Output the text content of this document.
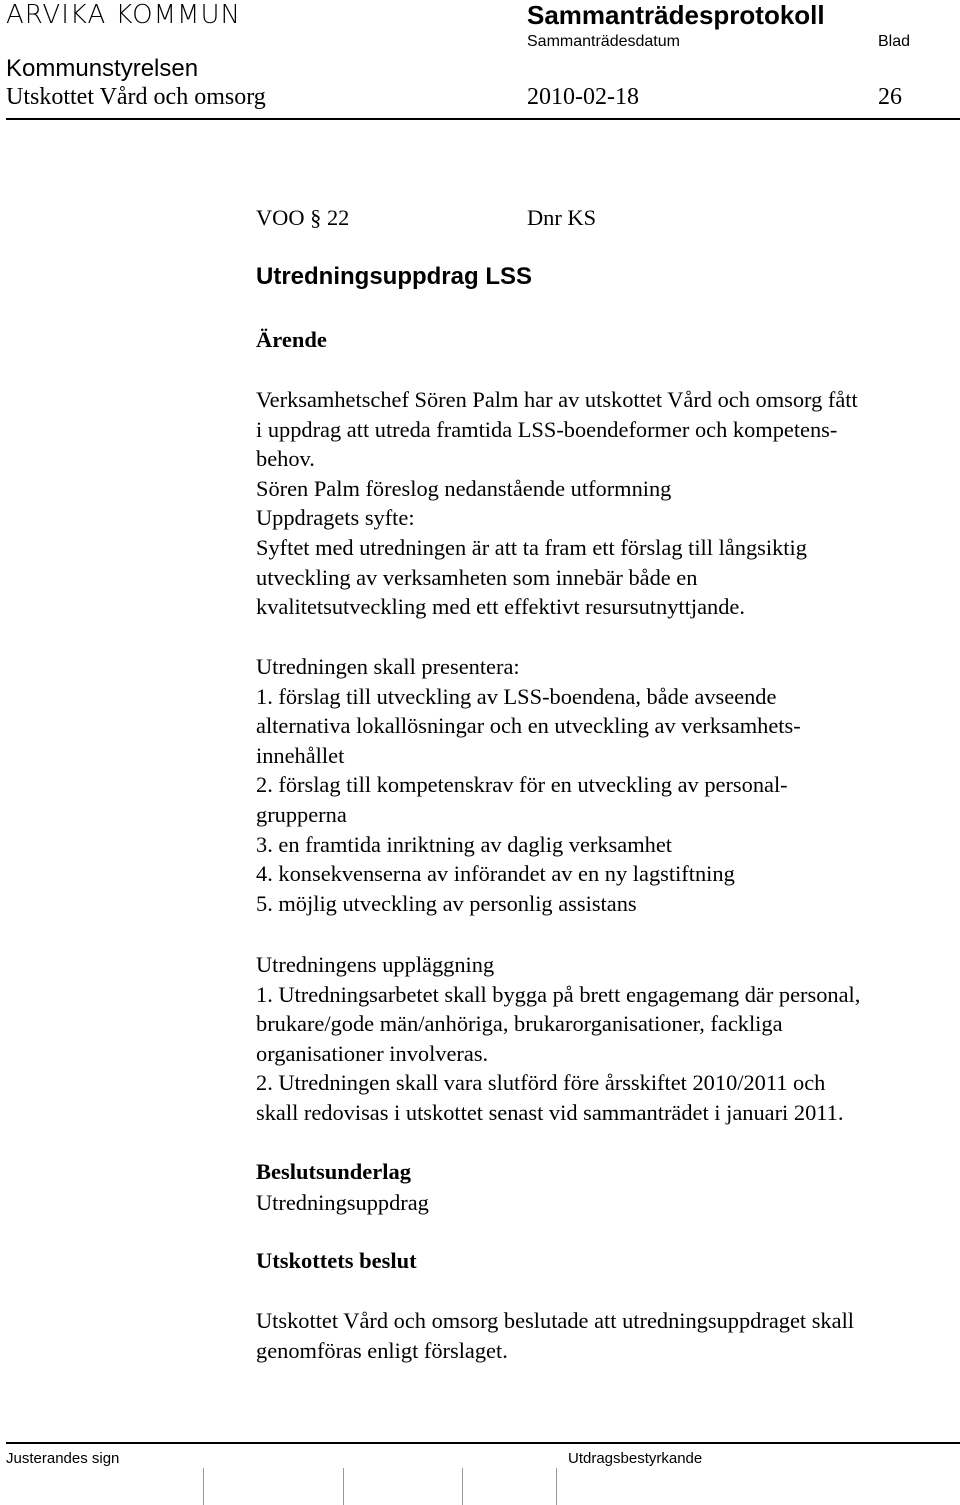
ARVIKA KOMMUN	Sammanträdesprotokoll
Sammanträdesdatum	Blad
Kommunstyrelsen
Utskottet Vård och omsorg	2010-02-18	26
VOO § 22	Dnr KS
Utredningsuppdrag LSS
Ärende
Verksamhetschef Sören Palm har av utskottet Vård och omsorg fått
i uppdrag att utreda framtida LSS-boendeformer och kompetens-
behov.
Sören Palm föreslog nedanstående utformning
Uppdragets syfte:
Syftet med utredningen är att ta fram ett förslag till långsiktig
utveckling av verksamheten som innebär både en
kvalitetsutveckling med ett effektivt resursutnyttjande.
Utredningen skall presentera:
1. förslag till utveckling av LSS-boendena, både avseende
alternativa lokallösningar och en utveckling av verksamhets-
innehållet
2. förslag till kompetenskrav för en utveckling av personal-
grupperna
3. en framtida inriktning av daglig verksamhet
4. konsekvenserna av införandet av en ny lagstiftning
5. möjlig utveckling av personlig assistans
Utredningens uppläggning
1. Utredningsarbetet skall bygga på brett engagemang där personal,
brukare/gode män/anhöriga, brukarorganisationer, fackliga
organisationer involveras.
2. Utredningen skall vara slutförd före årsskiftet 2010/2011 och
skall redovisas i utskottet senast vid sammanträdet i januari 2011.
Beslutsunderlag
Utredningsuppdrag
Utskottets beslut
Utskottet Vård och omsorg beslutade att utredningsuppdraget skall
genomföras enligt förslaget.
Justerandes sign	Utdragsbestyrkande
